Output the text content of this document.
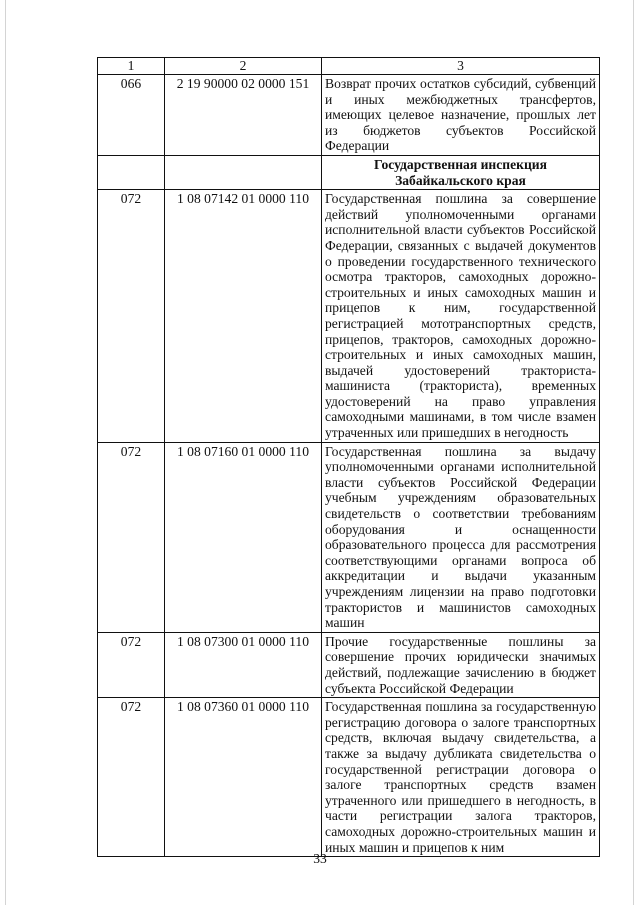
1	2	3
066	2 19 90000 02 0000 151	Возврат прочих остатков субсидий, субвенций и иных межбюджетных трансфертов, имеющих целевое назначение, прошлых лет из бюджетов субъектов Российской Федерации
		Государственная инспекция Забайкальского края
072	1 08 07142 01 0000 110	Государственная пошлина за совершение действий уполномоченными органами исполнительной власти субъектов Российской Федерации, связанных с выдачей документов о проведении государственного технического осмотра тракторов, самоходных дорожно-строительных и иных самоходных машин и прицепов к ним, государственной регистрацией мототранспортных средств, прицепов, тракторов, самоходных дорожно-строительных и иных самоходных машин, выдачей удостоверений тракториста-машиниста (тракториста), временных удостоверений на право управления самоходными машинами, в том числе взамен утраченных или пришедших в негодность
072	1 08 07160 01 0000 110	Государственная пошлина за выдачу уполномоченными органами исполнительной власти субъектов Российской Федерации учебным учреждениям образовательных свидетельств о соответствии требованиям оборудования и оснащенности образовательного процесса для рассмотрения соответствующими органами вопроса об аккредитации и выдачи указанным учреждениям лицензии на право подготовки трактористов и машинистов самоходных машин
072	1 08 07300 01 0000 110	Прочие государственные пошлины за совершение прочих юридически значимых действий, подлежащие зачислению в бюджет субъекта Российской Федерации
072	1 08 07360 01 0000 110	Государственная пошлина за государственную регистрацию договора о залоге транспортных средств, включая выдачу свидетельства, а также за выдачу дубликата свидетельства о государственной регистрации договора о залоге транспортных средств взамен утраченного или пришедшего в негодность, в части регистрации залога тракторов, самоходных дорожно-строительных машин и иных машин и прицепов к ним
33
